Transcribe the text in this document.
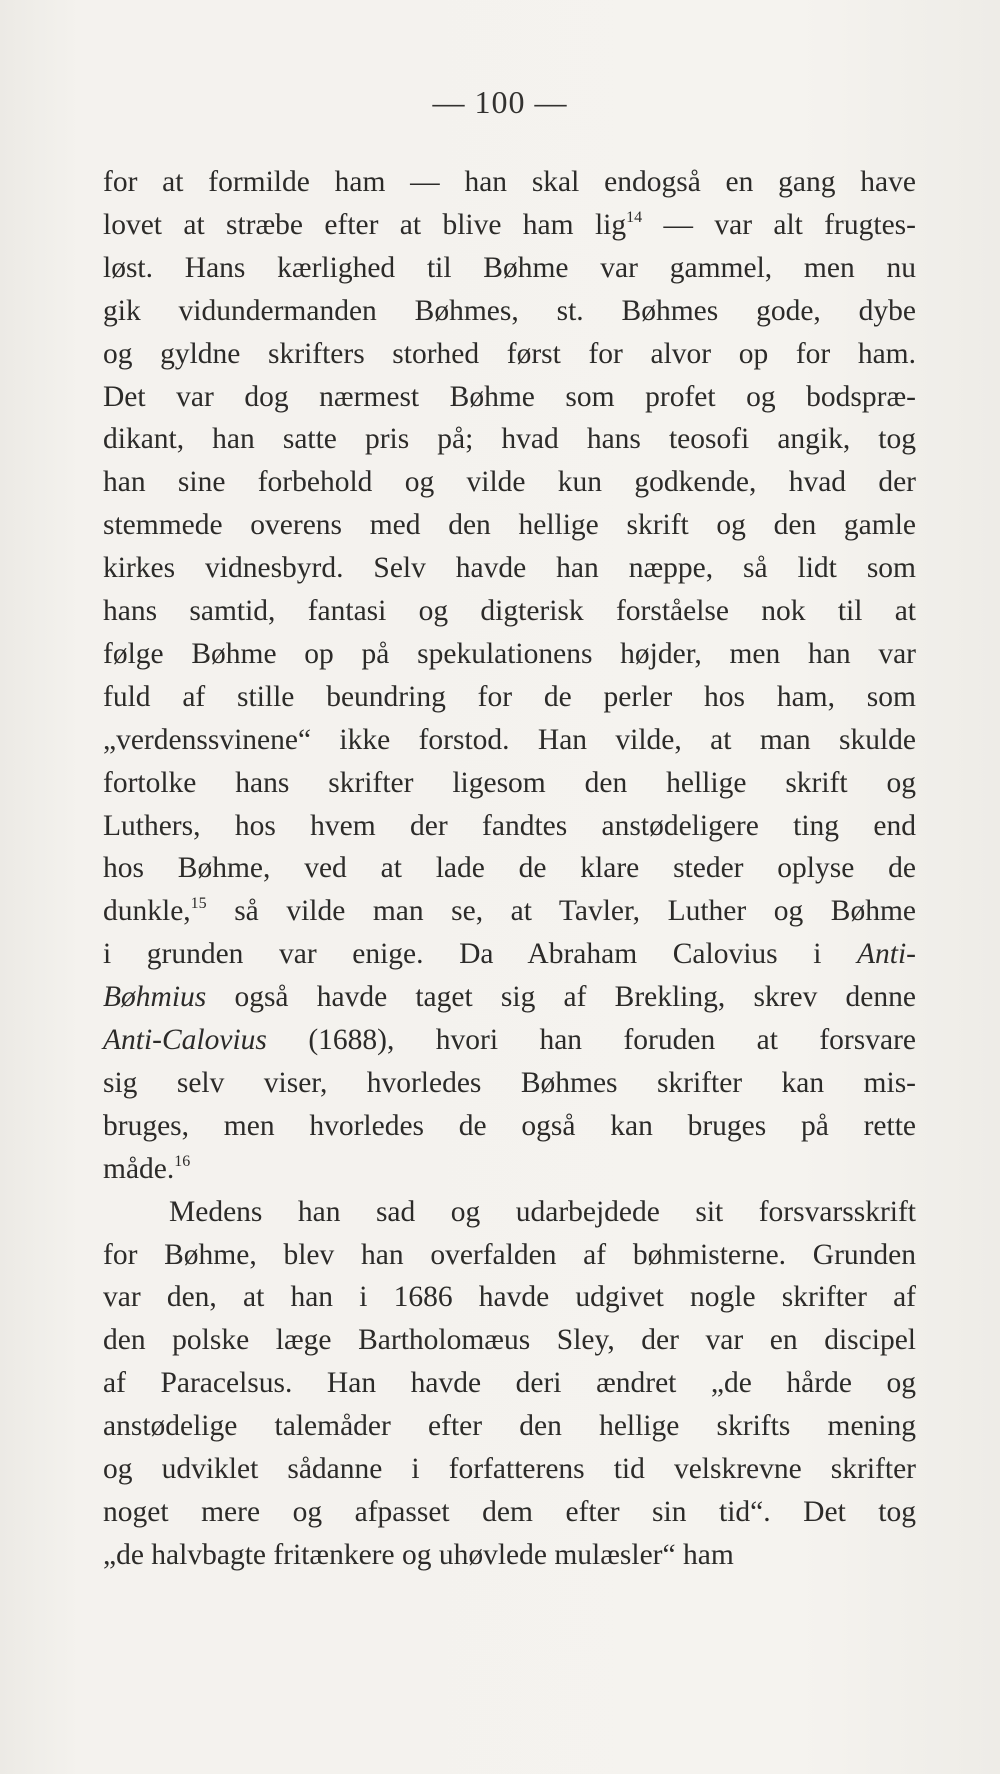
— 100 —
for at formilde ham — han skal endogså en gang have
lovet at stræbe efter at blive ham lig$^{14}$ — var alt frugtes-
løst. Hans kærlighed til Bøhme var gammel, men nu
gik vidundermanden Bøhmes, st. Bøhmes gode, dybe
og gyldne skrifters storhed først for alvor op for ham.
Det var dog nærmest Bøhme som profet og bodspræ-
dikant, han satte pris på; hvad hans teosofi angik, tog
han sine forbehold og vilde kun godkende, hvad der
stemmede overens med den hellige skrift og den gamle
kirkes vidnesbyrd. Selv havde han næppe, så lidt som
hans samtid, fantasi og digterisk forståelse nok til at
følge Bøhme op på spekulationens højder, men han var
fuld af stille beundring for de perler hos ham, som
„verdenssvinene“ ikke forstod. Han vilde, at man skulde
fortolke hans skrifter ligesom den hellige skrift og
Luthers, hos hvem der fandtes anstødeligere ting end
hos Bøhme, ved at lade de klare steder oplyse de
dunkle,$^{15}$ så vilde man se, at Tavler, Luther og Bøhme
i grunden var enige. Da Abraham Calovius i Anti-
Bøhmius også havde taget sig af Brekling, skrev denne
Anti-Calovius (1688), hvori han foruden at forsvare
sig selv viser, hvorledes Bøhmes skrifter kan mis-
bruges, men hvorledes de også kan bruges på rette
måde.$^{16}$
Medens han sad og udarbejdede sit forsvarsskrift
for Bøhme, blev han overfalden af bøhmisterne. Grunden
var den, at han i 1686 havde udgivet nogle skrifter af
den polske læge Bartholomæus Sley, der var en discipel
af Paracelsus. Han havde deri ændret „de hårde og
anstødelige talemåder efter den hellige skrifts mening
og udviklet sådanne i forfatterens tid velskrevne skrifter
noget mere og afpasset dem efter sin tid“. Det tog
„de halvbagte fritænkere og uhøvlede mulæsler“ ham
